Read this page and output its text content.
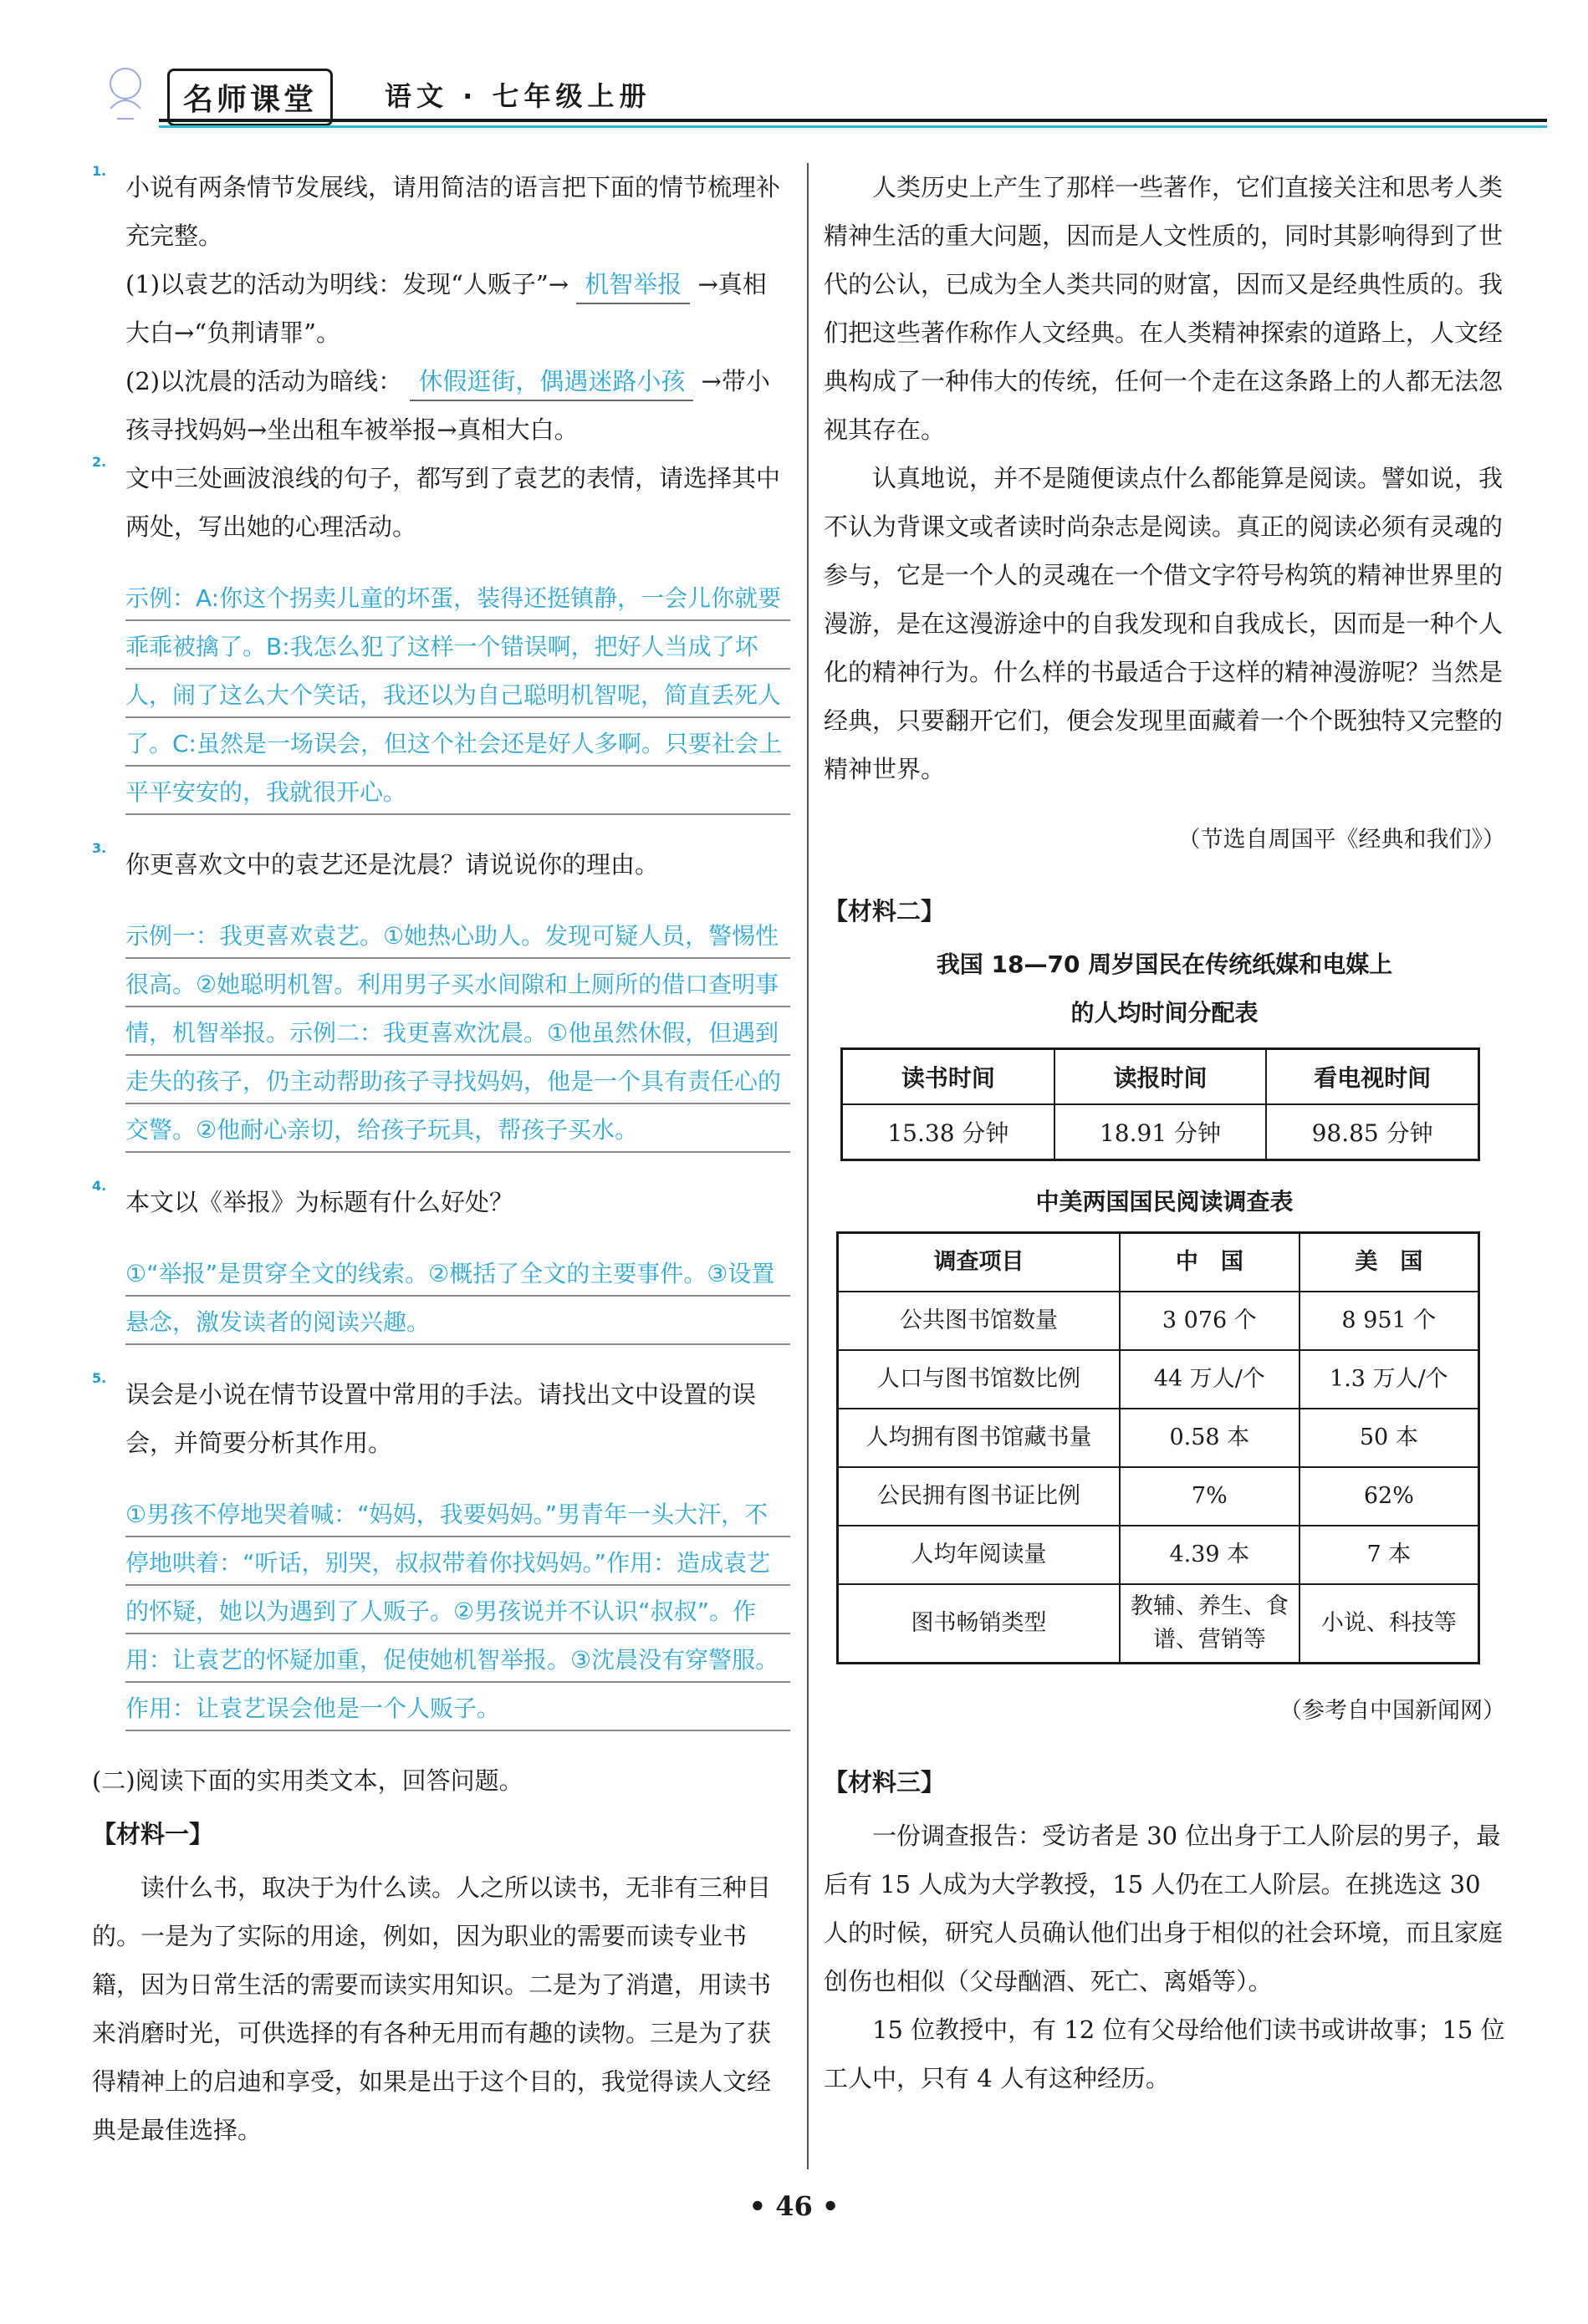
名师课堂	语文 · 七年级上册
1.

小说有两条情节发展线，请用简洁的语言把下面的情节梳理补充完整。

(1)以袁艺的活动为明线：发现“人贩子”→ 机智举报 →真相大白→“负荆请罪”。

(2)以沈晨的活动为暗线： 休假逛街，偶遇迷路小孩 →带小孩寻找妈妈→坐出租车被举报→真相大白。

2.

文中三处画波浪线的句子，都写到了袁艺的表情，请选择其中两处，写出她的心理活动。

示例：A:你这个拐卖儿童的坏蛋，装得还挺镇静，一会儿你就要乖乖被擒了。B:我怎么犯了这样一个错误啊，把好人当成了坏人，闹了这么大个笑话，我还以为自己聪明机智呢，简直丢死人了。C:虽然是一场误会，但这个社会还是好人多啊。只要社会上平平安安的，我就很开心。

3.

你更喜欢文中的袁艺还是沈晨？请说说你的理由。

示例一：我更喜欢袁艺。①她热心助人。发现可疑人员，警惕性很高。②她聪明机智。利用男子买水间隙和上厕所的借口查明事情，机智举报。示例二：我更喜欢沈晨。①他虽然休假，但遇到走失的孩子，仍主动帮助孩子寻找妈妈，他是一个具有责任心的交警。②他耐心亲切，给孩子玩具，帮孩子买水。

4.

本文以《举报》为标题有什么好处？

①“举报”是贯穿全文的线索。②概括了全文的主要事件。③设置悬念，激发读者的阅读兴趣。

5.

误会是小说在情节设置中常用的手法。请找出文中设置的误会，并简要分析其作用。

①男孩不停地哭着喊：“妈妈，我要妈妈。”男青年一头大汗，不停地哄着：“听话，别哭，叔叔带着你找妈妈。”作用：造成袁艺的怀疑，她以为遇到了人贩子。②男孩说并不认识“叔叔”。作用：让袁艺的怀疑加重，促使她机智举报。③沈晨没有穿警服。作用：让袁艺误会他是一个人贩子。

(二)阅读下面的实用类文本，回答问题。

【材料一】

读什么书，取决于为什么读。人之所以读书，无非有三种目的。一是为了实际的用途，例如，因为职业的需要而读专业书籍，因为日常生活的需要而读实用知识。二是为了消遣，用读书来消磨时光，可供选择的有各种无用而有趣的读物。三是为了获得精神上的启迪和享受，如果是出于这个目的，我觉得读人文经典是最佳选择。

人类历史上产生了那样一些著作，它们直接关注和思考人类精神生活的重大问题，因而是人文性质的，同时其影响得到了世代的公认，已成为全人类共同的财富，因而又是经典性质的。我们把这些著作称作人文经典。在人类精神探索的道路上，人文经典构成了一种伟大的传统，任何一个走在这条路上的人都无法忽视其存在。

认真地说，并不是随便读点什么都能算是阅读。譬如说，我不认为背课文或者读时尚杂志是阅读。真正的阅读必须有灵魂的参与，它是一个人的灵魂在一个借文字符号构筑的精神世界里的漫游，是在这漫游途中的自我发现和自我成长，因而是一种个人化的精神行为。什么样的书最适合于这样的精神漫游呢？当然是经典，只要翻开它们，便会发现里面藏着一个个既独特又完整的精神世界。

（节选自周国平《经典和我们》）

【材料二】

我国 18—70 周岁国民在传统纸媒和电媒上
的人均时间分配表
读书时间	读报时间	看电视时间
15.38 分钟	18.91 分钟	98.85 分钟
中美两国国民阅读调查表
调查项目	中　国	美　国
公共图书馆数量	3 076 个	8 951 个
人口与图书馆数比例	44 万人/个	1.3 万人/个
人均拥有图书馆藏书量	0.58 本	50 本
公民拥有图书证比例	7%	62%
人均年阅读量	4.39 本	7 本
图书畅销类型	教辅、养生、食谱、营销等	小说、科技等

（参考自中国新闻网）

【材料三】

一份调查报告：受访者是 30 位出身于工人阶层的男子，最后有 15 人成为大学教授，15 人仍在工人阶层。在挑选这 30 人的时候，研究人员确认他们出身于相似的社会环境，而且家庭创伤也相似（父母酗酒、死亡、离婚等）。

15 位教授中，有 12 位有父母给他们读书或讲故事；15 位工人中，只有 4 人有这种经历。

• 46 •
